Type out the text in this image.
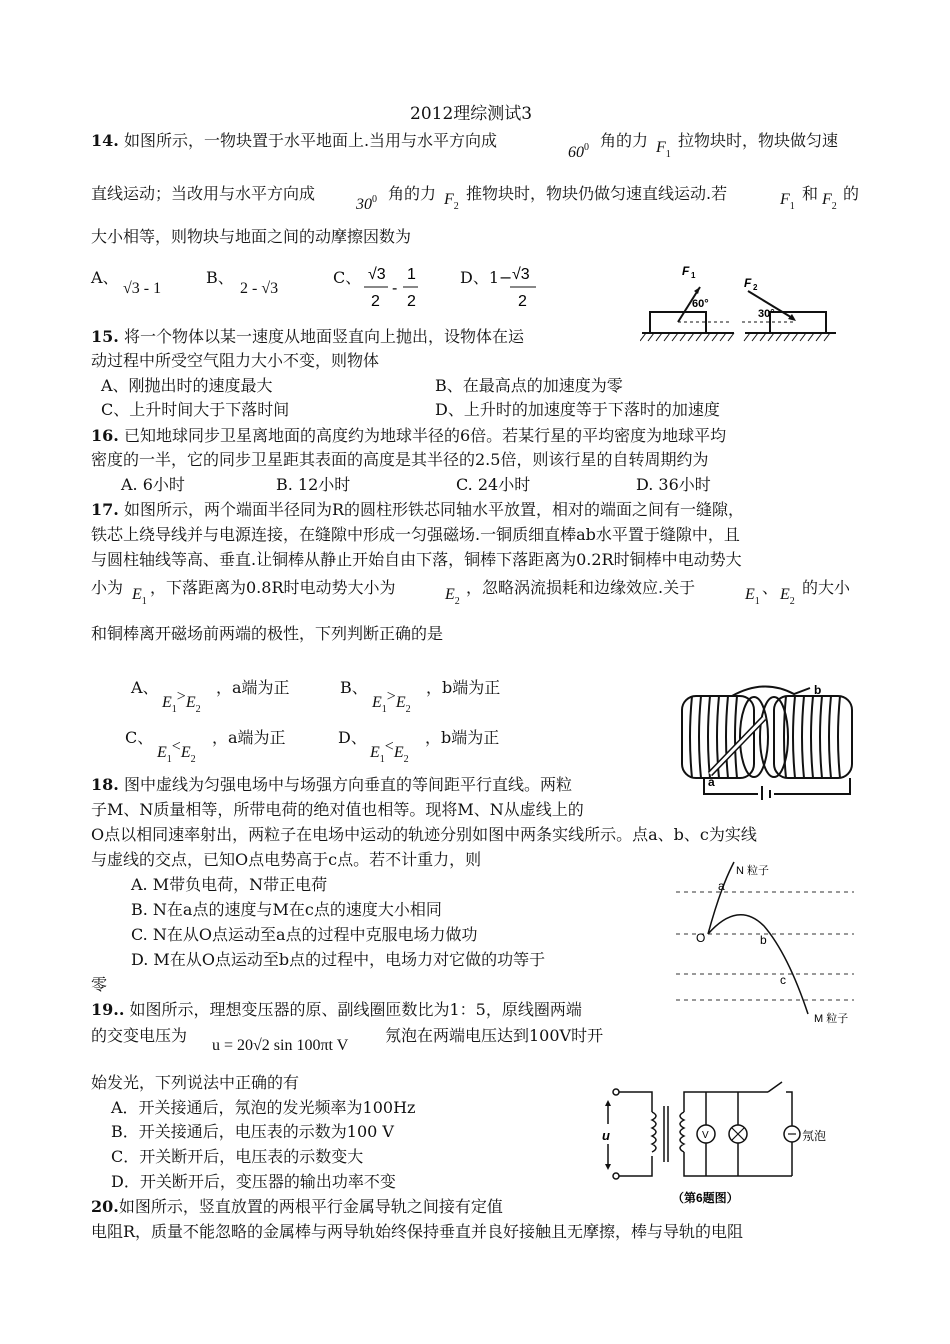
2012理综测试3
14. 如图所示，一物块置于水平地面上.当用与水平方向成
$60^0$ 角的力 $F_1$
拉物块时，物块做匀速
直线运动；当改用与水平方向成
$30^0$ 角的力 $F_2$
推物块时，物块仍做匀速直线运动.若	$F_1$
和 $F_2$
的
大小相等，则物块与地面之间的动摩擦因数为
A、
√3 - 1
B、
2 - √3
C、 √3
2
-
1
2
D、1− √3
2
F 1
60°
F 2
30°
15. 将一个物体以某一速度从地面竖直向上抛出，设物体在运
动过程中所受空气阻力大小不变，则物体
A、刚抛出时的速度最大	B、在最高点的加速度为零
C、上升时间大于下落时间	D、上升时的加速度等于下落时的加速度
16. 已知地球同步卫星离地面的高度约为地球半径的6倍。若某行星的平均密度为地球平均
密度的一半，它的同步卫星距其表面的高度是其半径的2.5倍，则该行星的自转周期约为
A. 6小时	B. 12小时	C. 24小时	D. 36小时
17. 如图所示，两个端面半径同为R的圆柱形铁芯同轴水平放置，相对的端面之间有一缝隙，
铁芯上绕导线并与电源连接，在缝隙中形成一匀强磁场.一铜质细直棒ab水平置于缝隙中，且
与圆柱轴线等高、垂直.让铜棒从静止开始自由下落，铜棒下落距离为0.2R时铜棒中电动势大
小为 $E_1$
，下落距离为0.8R时电动势大小为	$E_2$
，忽略涡流损耗和边缘效应.关于	$E_1$
、 $E_2$
的大小
和铜棒离开磁场前两端的极性，下列判断正确的是
A、
$E_1>E_2$
，a端为正	B、
$E_1>E_2$
，b端为正
C、
$E_1<E_2$
，a端为正	D、
$E_1<E_2$
，b端为正
a
b
18. 图中虚线为匀强电场中与场强方向垂直的等间距平行直线。两粒
子M、N质量相等，所带电荷的绝对值也相等。现将M、N从虚线上的
O点以相同速率射出，两粒子在电场中运动的轨迹分别如图中两条实线所示。点a、b、c为实线
与虚线的交点，已知O点电势高于c点。若不计重力，则
A. M带负电荷，N带正电荷
B. N在a点的速度与M在c点的速度大小相同
C. N在从O点运动至a点的过程中克服电场力做功
D. M在从O点运动至b点的过程中，电场力对它做的功等于
零
O
a
b
c
N 粒子
M 粒子
19.. 如图所示，理想变压器的原、副线圈匝数比为1：5，原线圈两端
的交变电压为
u = 20√2 sin 100πt V
氖泡在两端电压达到100V时开
始发光，下列说法中正确的有
A．开关接通后，氖泡的发光频率为100Hz
B．开关接通后，电压表的示数为100 V
C．开关断开后，电压表的示数变大
D．开关断开后，变压器的输出功率不变
V
u	氖泡
（第6题图）
20.如图所示，竖直放置的两根平行金属导轨之间接有定值
电阻R，质量不能忽略的金属棒与两导轨始终保持垂直并良好接触且无摩擦，棒与导轨的电阻
